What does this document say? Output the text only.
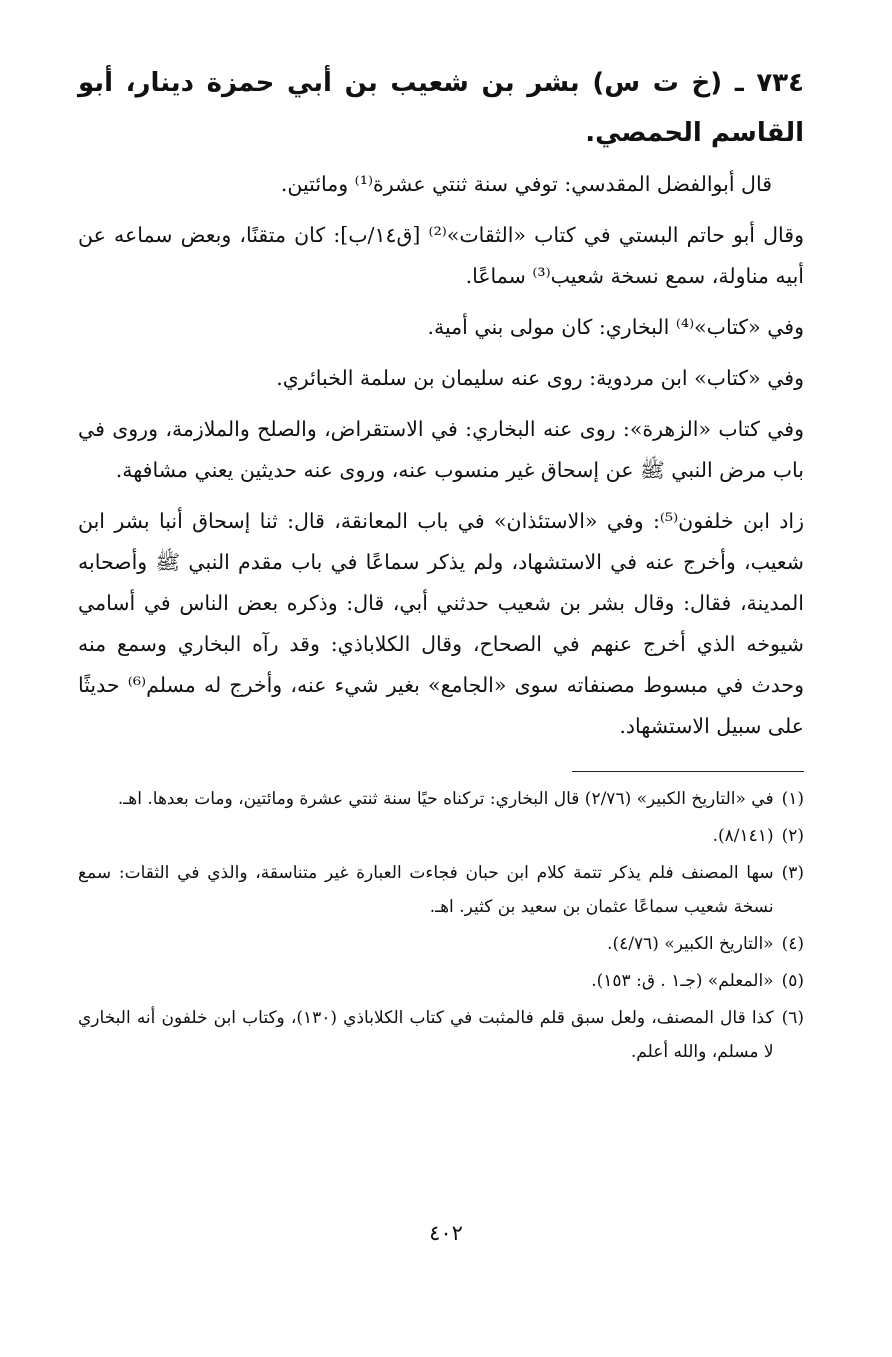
٧٣٤ ـ (خ ت س) بشر بن شعيب بن أبي حمزة دينار، أبو القاسم الحمصي.

قال أبوالفضل المقدسي: توفي سنة ثنتي عشرة⁽¹⁾ ومائتين.

وقال أبو حاتم البستي في كتاب «الثقات»⁽²⁾ [ق١٤/ب]: كان متقنًا، وبعض سماعه عن أبيه مناولة، سمع نسخة شعيب⁽³⁾ سماعًا.

وفي «كتاب»⁽⁴⁾ البخاري: كان مولى بني أمية.

وفي «كتاب» ابن مردوية: روى عنه سليمان بن سلمة الخبائري.

وفي كتاب «الزهرة»: روى عنه البخاري: في الاستقراض، والصلح والملازمة، وروى في باب مرض النبي ﷺ عن إسحاق غير منسوب عنه، وروى عنه حديثين يعني مشافهة.

زاد ابن خلفون⁽⁵⁾: وفي «الاستئذان» في باب المعانقة، قال: ثنا إسحاق أنبا بشر ابن شعيب، وأخرج عنه في الاستشهاد، ولم يذكر سماعًا في باب مقدم النبي ﷺ وأصحابه المدينة، فقال: وقال بشر بن شعيب حدثني أبي، قال: وذكره بعض الناس في أسامي شيوخه الذي أخرج عنهم في الصحاح، وقال الكلاباذي: وقد رآه البخاري وسمع منه وحدث في مبسوط مصنفاته سوى «الجامع» بغير شيء عنه، وأخرج له مسلم⁽⁶⁾ حديثًا على سبيل الاستشهاد.

(١)
في «التاريخ الكبير» (٢/٧٦) قال البخاري: تركناه حيًا سنة ثنتي عشرة ومائتين، ومات بعدها. اهـ.
(٢)
(٨/١٤١).
(٣)
سها المصنف فلم يذكر تتمة كلام ابن حبان فجاءت العبارة غير متناسقة، والذي في الثقات: سمع نسخة شعيب سماعًا عثمان بن سعيد بن كثير. اهـ.
(٤)
«التاريخ الكبير» (٤/٧٦).
(٥)
«المعلم» (جـ١ . ق: ١٥٣).
(٦)
كذا قال المصنف، ولعل سبق قلم فالمثبت في كتاب الكلاباذي (١٣٠)، وكتاب ابن خلفون أنه البخاري لا مسلم، والله أعلم.
٤٠٢
